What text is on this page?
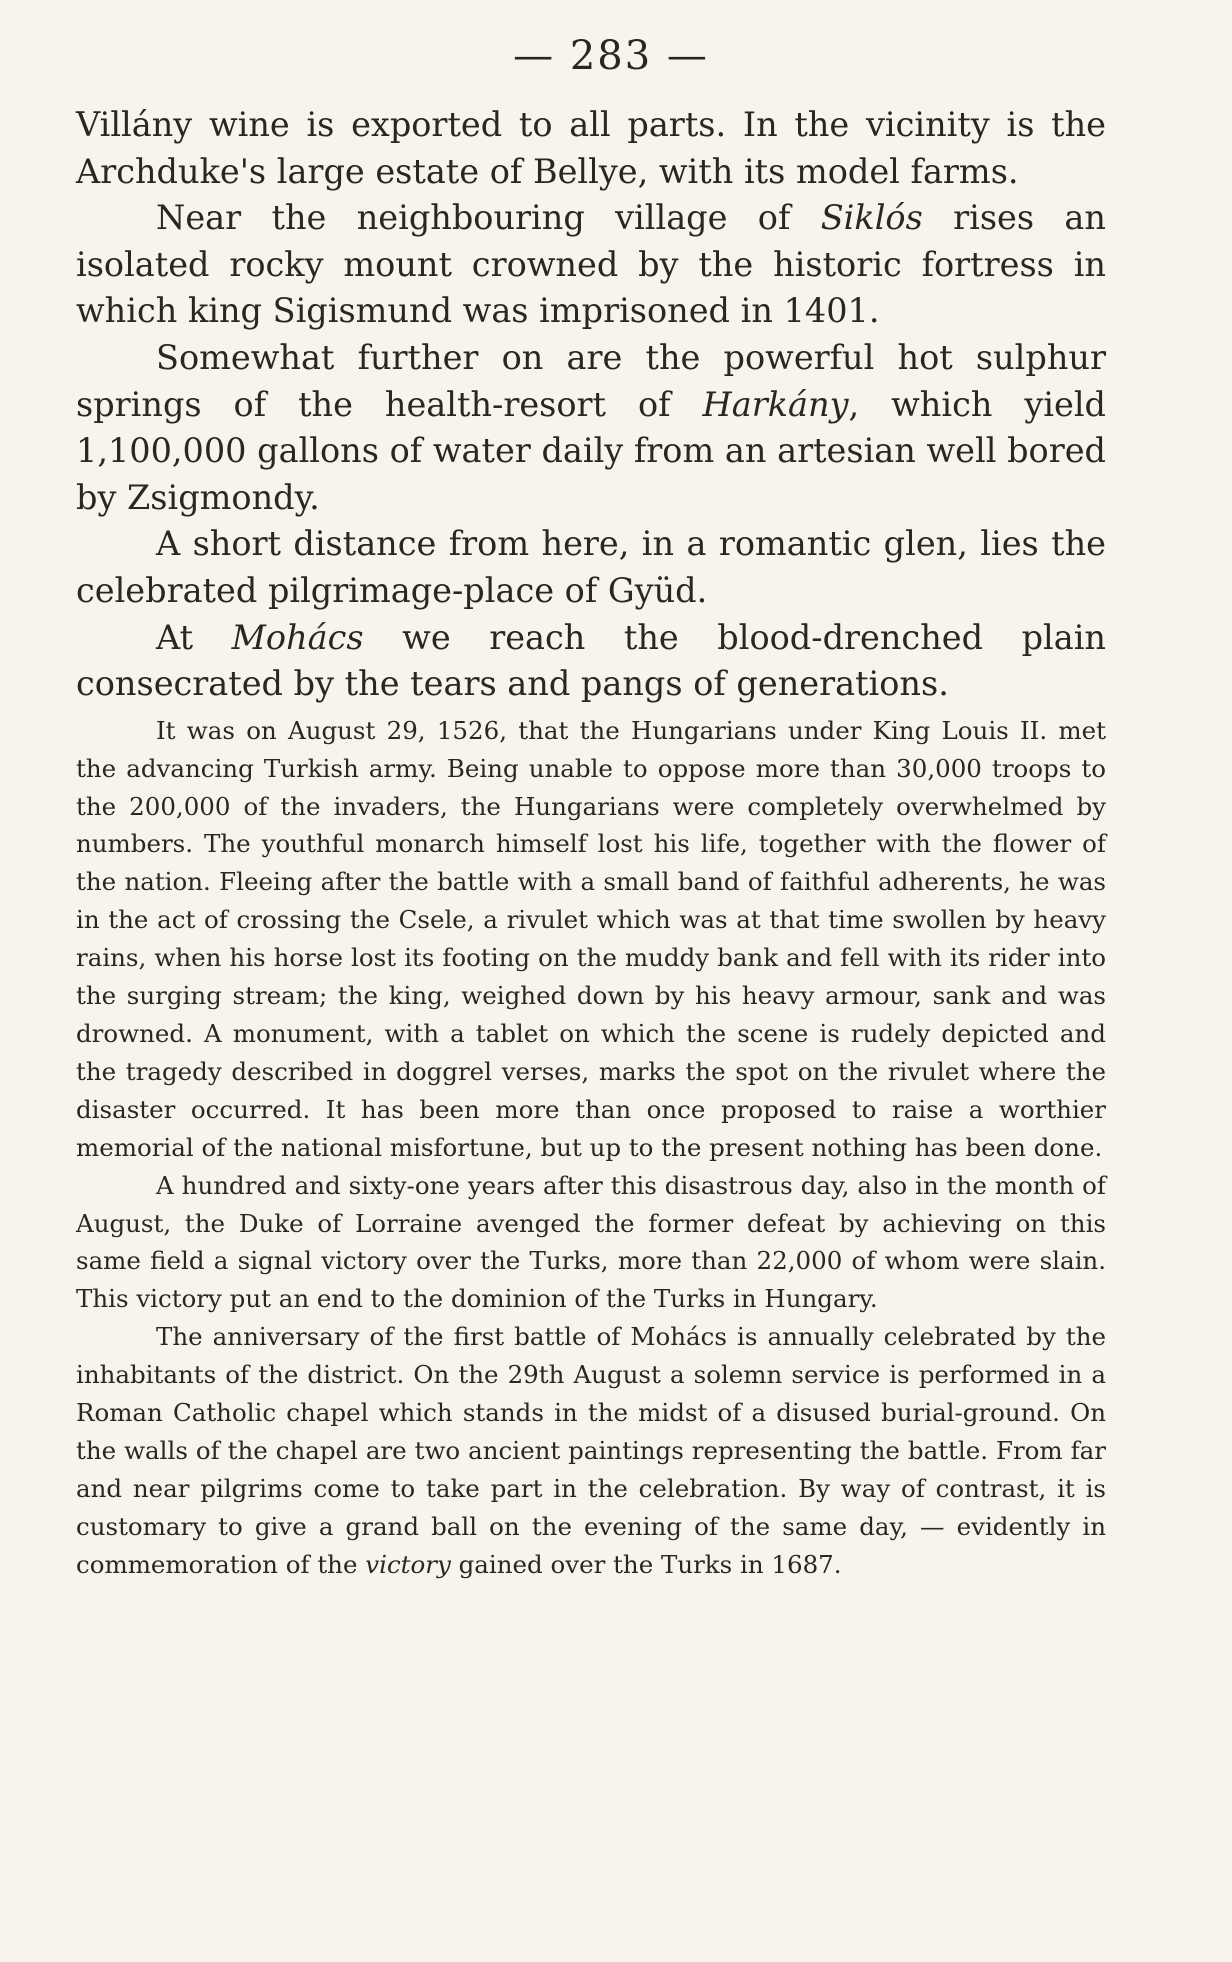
— 283 —

Villány wine is exported to all parts. In the vicinity is the Archduke's large estate of Bellye, with its model farms.

Near the neighbouring village of Siklós rises an isolated rocky mount crowned by the historic fortress in which king Sigismund was imprisoned in 1401.

Somewhat further on are the powerful hot sulphur springs of the health-resort of Harkány, which yield 1,100,000 gallons of water daily from an artesian well bored by Zsigmondy.

A short distance from here, in a romantic glen, lies the celebrated pilgrimage-place of Gyüd.

At Mohács we reach the blood-drenched plain consecrated by the tears and pangs of generations.

It was on August 29, 1526, that the Hungarians under King Louis II. met the advancing Turkish army. Being unable to oppose more than 30,000 troops to the 200,000 of the invaders, the Hungarians were completely overwhelmed by numbers. The youthful monarch himself lost his life, together with the flower of the nation. Fleeing after the battle with a small band of faithful adherents, he was in the act of crossing the Csele, a rivulet which was at that time swollen by heavy rains, when his horse lost its footing on the muddy bank and fell with its rider into the surging stream; the king, weighed down by his heavy armour, sank and was drowned. A monument, with a tablet on which the scene is rudely depicted and the tragedy described in doggrel verses, marks the spot on the rivulet where the disaster occurred. It has been more than once proposed to raise a worthier memorial of the national misfortune, but up to the present nothing has been done.

A hundred and sixty-one years after this disastrous day, also in the month of August, the Duke of Lorraine avenged the former defeat by achieving on this same field a signal victory over the Turks, more than 22,000 of whom were slain. This victory put an end to the dominion of the Turks in Hungary.

The anniversary of the first battle of Mohács is annually celebrated by the inhabitants of the district. On the 29th August a solemn service is performed in a Roman Catholic chapel which stands in the midst of a disused burial-ground. On the walls of the chapel are two ancient paintings representing the battle. From far and near pilgrims come to take part in the celebration. By way of contrast, it is customary to give a grand ball on the evening of the same day, — evidently in commemoration of the victory gained over the Turks in 1687.
